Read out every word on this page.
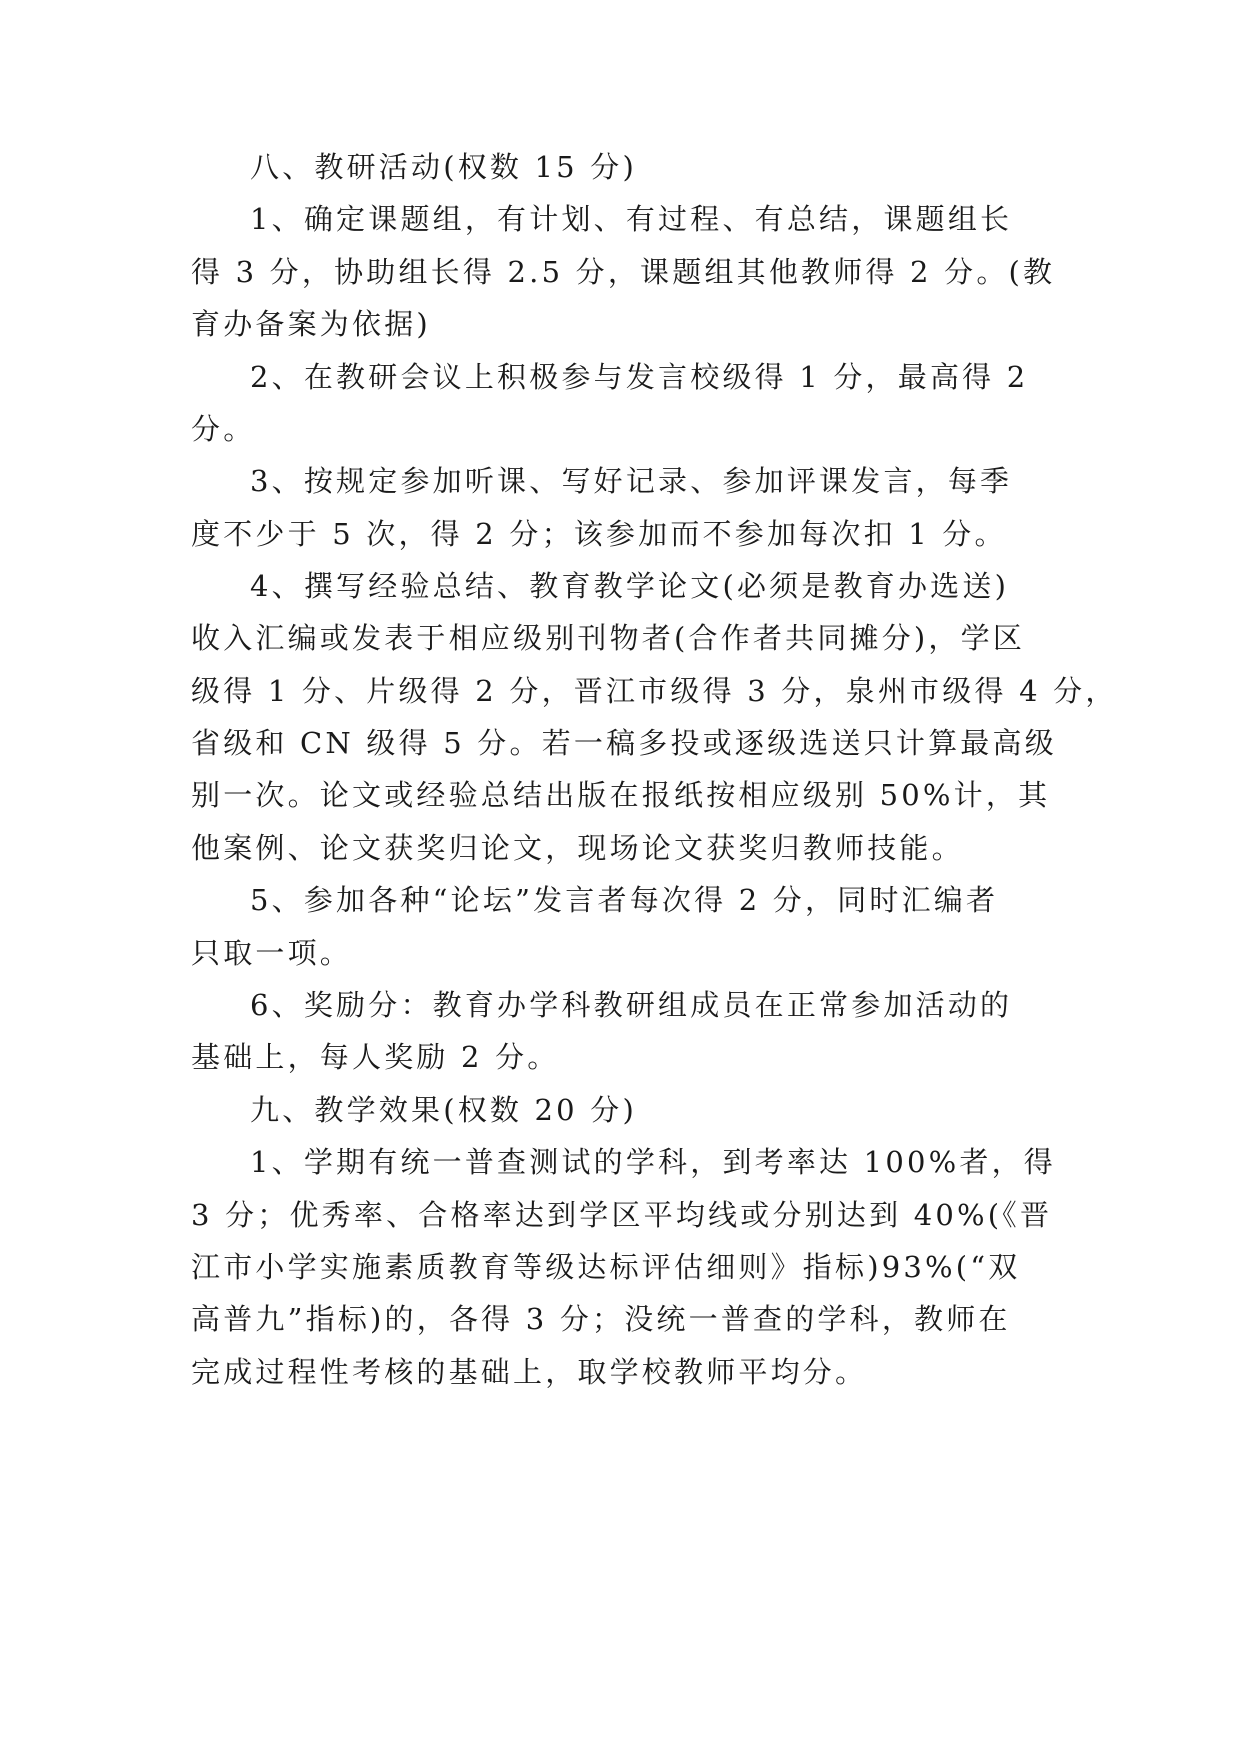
八、教研活动(权数 15 分)
1、确定课题组，有计划、有过程、有总结，课题组长
得 3 分，协助组长得 2.5 分，课题组其他教师得 2 分。(教
育办备案为依据)
2、在教研会议上积极参与发言校级得 1 分，最高得 2
分。
3、按规定参加听课、写好记录、参加评课发言，每季
度不少于 5 次，得 2 分；该参加而不参加每次扣 1 分。
4、撰写经验总结、教育教学论文(必须是教育办选送)
收入汇编或发表于相应级别刊物者(合作者共同摊分)，学区
级得 1 分、片级得 2 分，晋江市级得 3 分，泉州市级得 4 分，
省级和 CN 级得 5 分。若一稿多投或逐级选送只计算最高级
别一次。论文或经验总结出版在报纸按相应级别 50%计，其
他案例、论文获奖归论文，现场论文获奖归教师技能。
5、参加各种“论坛”发言者每次得 2 分，同时汇编者
只取一项。
6、奖励分：教育办学科教研组成员在正常参加活动的
基础上，每人奖励 2 分。
九、教学效果(权数 20 分)
1、学期有统一普查测试的学科，到考率达 100%者，得
3 分；优秀率、合格率达到学区平均线或分别达到 40%(《晋
江市小学实施素质教育等级达标评估细则》指标)93%(“双
高普九”指标)的，各得 3 分；没统一普查的学科，教师在
完成过程性考核的基础上，取学校教师平均分。
